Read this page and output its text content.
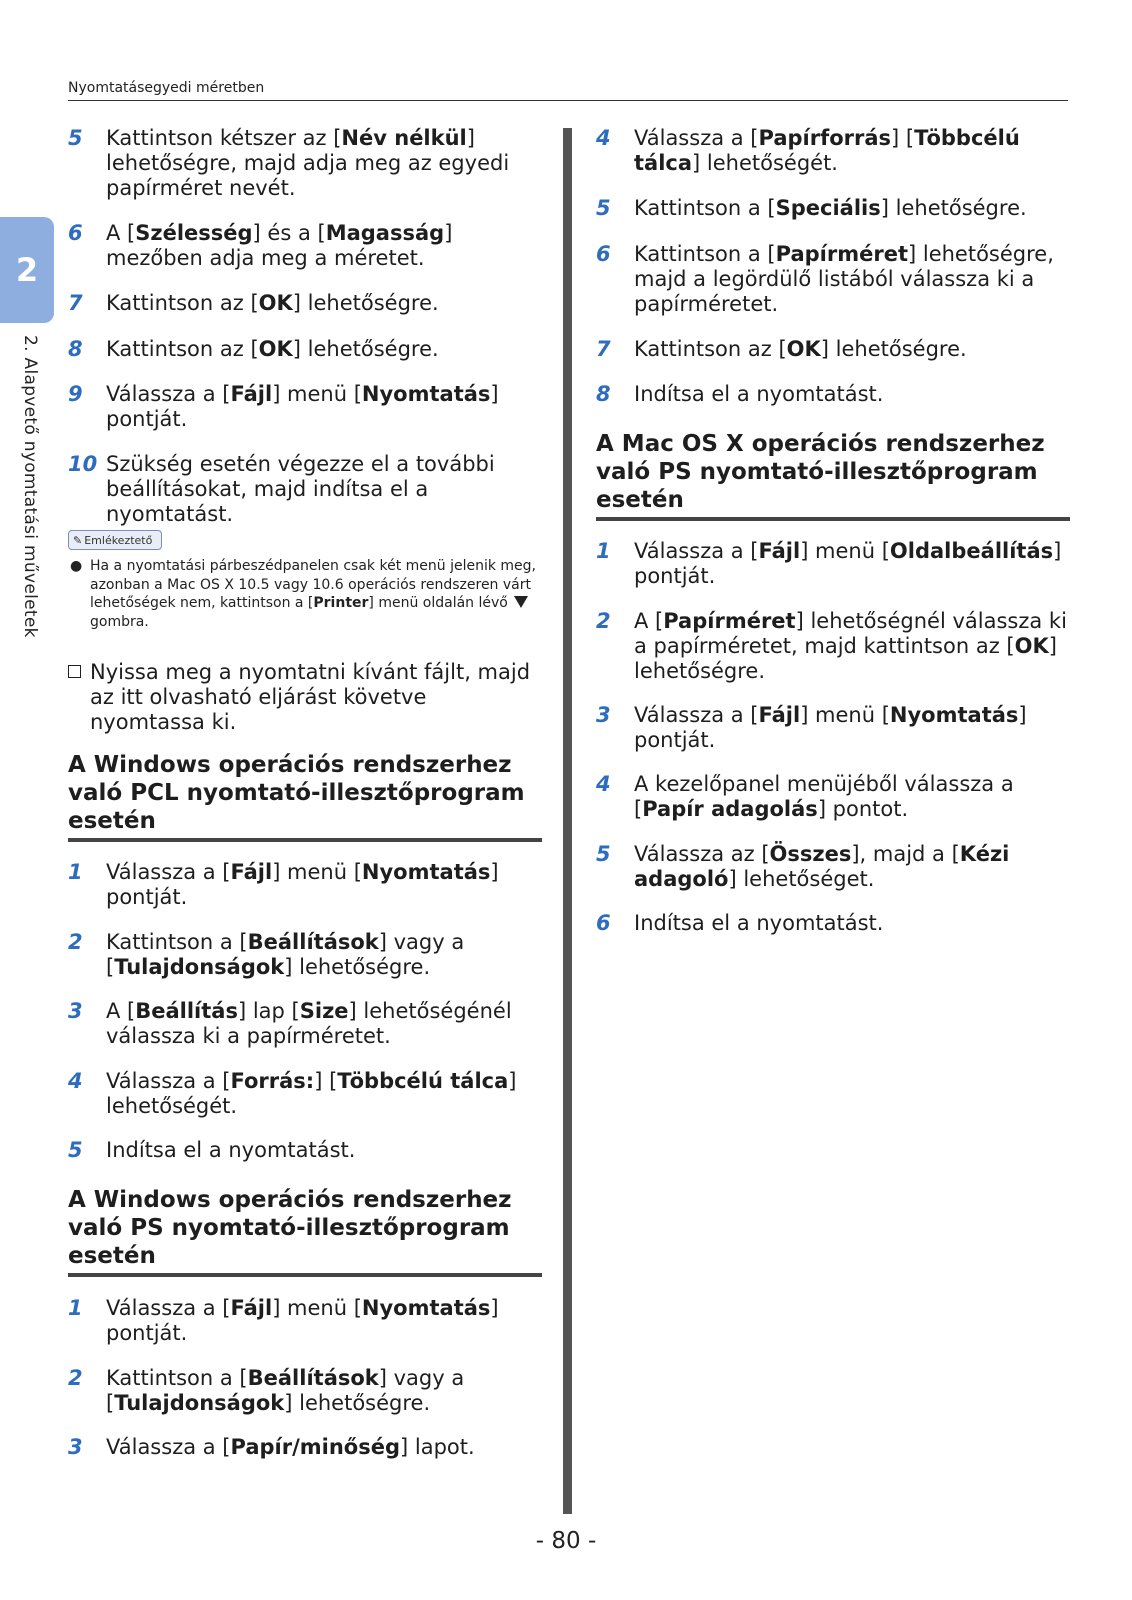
Nyomtatásegyedi méretben
2
2. Alapvető nyomtatási műveletek
5	Kattintson kétszer az [Név nélkül] lehetőségre, majd adja meg az egyedi papírméret nevét.
6	A [Szélesség] és a [Magasság] mezőben adja meg a méretet.
7	Kattintson az [OK] lehetőségre.
8	Kattintson az [OK] lehetőségre.
9	Válassza a [Fájl] menü [Nyomtatás] pontját.
10 Szükség esetén végezze el a további beállításokat, majd indítsa el a nyomtatást.
✎ Emlékeztető
● Ha a nyomtatási párbeszédpanelen csak két menü jelenik meg, azonban a Mac OS X 10.5 vagy 10.6 operációs rendszeren várt lehetőségek nem, kattintson a [Printer] menü oldalán lévő  gombra.
Nyissa meg a nyomtatni kívánt fájlt, majd az itt olvasható eljárást követve nyomtassa ki.
A Windows operációs rendszerhez való PCL nyomtató-illesztőprogram esetén
1	Válassza a [Fájl] menü [Nyomtatás] pontját.
2	Kattintson a [Beállítások] vagy a [Tulajdonságok] lehetőségre.
3	A [Beállítás] lap [Size] lehetőségénél válassza ki a papírméretet.
4	Válassza a [Forrás:] [Többcélú tálca] lehetőségét.
5	Indítsa el a nyomtatást.
A Windows operációs rendszerhez való PS nyomtató-illesztőprogram esetén
1	Válassza a [Fájl] menü [Nyomtatás] pontját.
2	Kattintson a [Beállítások] vagy a [Tulajdonságok] lehetőségre.
3	Válassza a [Papír/minőség] lapot.
4	Válassza a [Papírforrás] [Többcélú tálca] lehetőségét.
5	Kattintson a [Speciális] lehetőségre.
6	Kattintson a [Papírméret] lehetőségre, majd a legördülő listából válassza ki a papírméretet.
7	Kattintson az [OK] lehetőségre.
8	Indítsa el a nyomtatást.
A Mac OS X operációs rendszerhez való PS nyomtató-illesztőprogram esetén
1	Válassza a [Fájl] menü [Oldalbeállítás] pontját.
2	A [Papírméret] lehetőségnél válassza ki a papírméretet, majd kattintson az [OK] lehetőségre.
3	Válassza a [Fájl] menü [Nyomtatás] pontját.
4	A kezelőpanel menüjéből válassza a [Papír adagolás] pontot.
5	Válassza az [Összes], majd a [Kézi adagoló] lehetőséget.
6	Indítsa el a nyomtatást.
- 80 -
